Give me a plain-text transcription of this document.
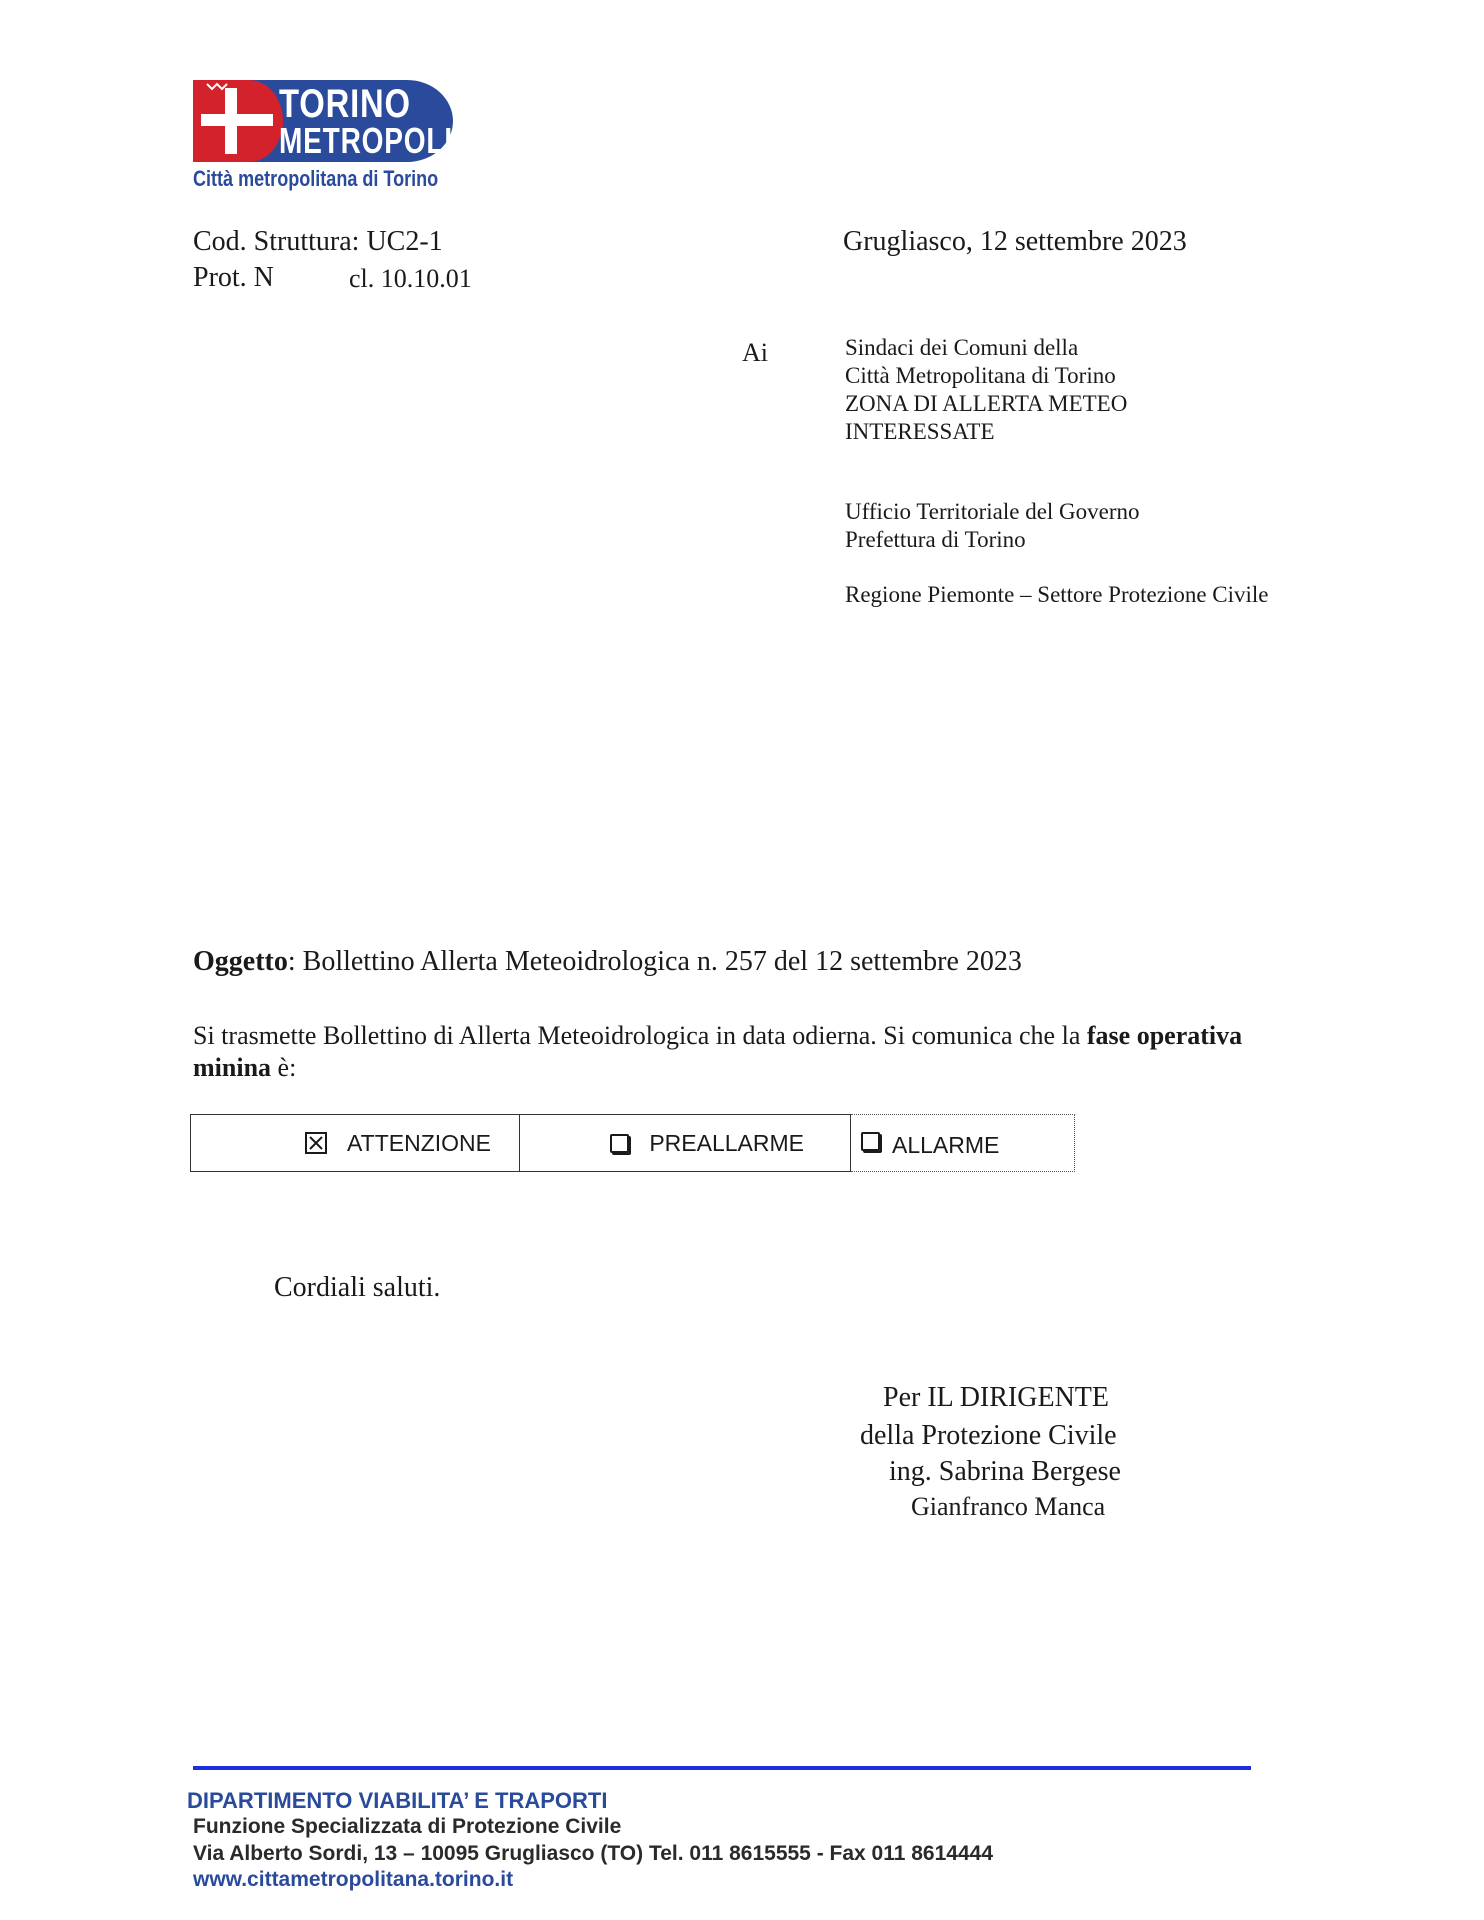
TORINO
METROPOLI
Città metropolitana di Torino
Cod. Struttura: UC2-1
Prot. N	cl. 10.10.01
Grugliasco, 12 settembre 2023
Ai	Sindaci dei Comuni della
Città Metropolitana di Torino
ZONA DI ALLERTA METEO
INTERESSATE
Ufficio Territoriale del Governo
Prefettura di Torino
Regione Piemonte – Settore Protezione Civile
Oggetto: Bollettino Allerta Meteoidrologica n. 257 del 12 settembre 2023
Si trasmette Bollettino di Allerta Meteoidrologica in data odierna. Si comunica che la fase operativa
minina è:
ATTENZIONE	PREALLARME	ALLARME
Cordiali saluti.
Per IL DIRIGENTE
della Protezione Civile
ing. Sabrina Bergese
Gianfranco Manca
DIPARTIMENTO VIABILITA’ E TRAPORTI
Funzione Specializzata di Protezione Civile
Via Alberto Sordi, 13 – 10095 Grugliasco (TO) Tel. 011 8615555 - Fax 011 8614444
www.cittametropolitana.torino.it
